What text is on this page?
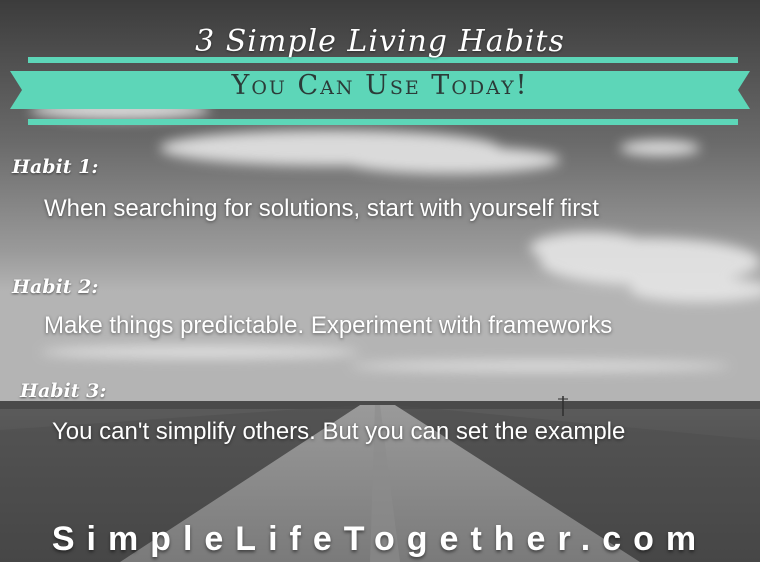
3 Simple Living Habits
You Can Use Today!
Habit 1:
When searching for solutions, start with yourself first
Habit 2:
Make things predictable. Experiment with frameworks
Habit 3:
You can't simplify others. But you can set the example
SimpleLifeTogether.com
